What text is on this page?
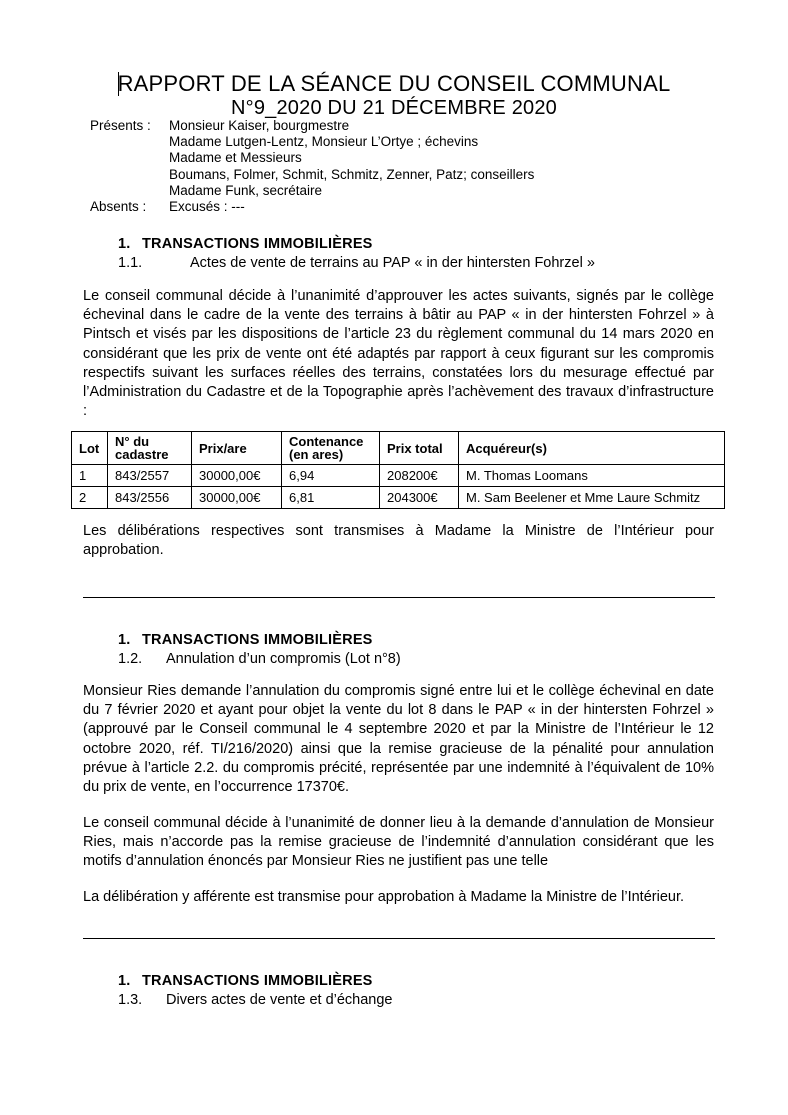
RAPPORT DE LA SÉANCE DU CONSEIL COMMUNAL
N°9_2020 DU 21 DÉCEMBRE 2020
Présents :	Monsieur Kaiser, bourgmestre
Madame Lutgen-Lentz, Monsieur L’Ortye ; échevins
Madame et Messieurs
Boumans, Folmer, Schmit, Schmitz, Zenner, Patz; conseillers
Madame Funk, secrétaire
Absents :	Excusés : ---
1. TRANSACTIONS IMMOBILIÈRES
1.1.	Actes de vente de terrains au PAP « in der hintersten Fohrzel »
Le conseil communal décide à l’unanimité d’approuver les actes suivants, signés par le collège échevinal dans le cadre de la vente des terrains à bâtir au PAP « in der hintersten Fohrzel » à Pintsch et visés par les dispositions de l’article 23 du règlement communal du 14 mars 2020 en considérant que les prix de vente ont été adaptés par rapport à ceux figurant sur les compromis respectifs suivant les surfaces réelles des terrains, constatées lors du mesurage effectué par l’Administration du Cadastre et de la Topographie après l’achèvement des travaux d’infrastructure :
Lot	N° du cadastre	Prix/are	Contenance (en ares)	Prix total	Acquéreur(s)
1	843/2557	30000,00€	6,94	208200€	M. Thomas Loomans
2	843/2556	30000,00€	6,81	204300€	M. Sam Beelener et Mme Laure Schmitz
Les délibérations respectives sont transmises à Madame la Ministre de l’Intérieur pour approbation.
1. TRANSACTIONS IMMOBILIÈRES
1.2. Annulation d’un compromis (Lot n°8)
Monsieur Ries demande l’annulation du compromis signé entre lui et le collège échevinal en date du 7 février 2020 et ayant pour objet la vente du lot 8 dans le PAP « in der hintersten Fohrzel » (approuvé par le Conseil communal le 4 septembre 2020 et par la Ministre de l’Intérieur le 12 octobre 2020, réf. TI/216/2020) ainsi que la remise gracieuse de la pénalité pour annulation prévue à l’article 2.2. du compromis précité, représentée par une indemnité à l’équivalent de 10% du prix de vente, en l’occurrence 17370€.
Le conseil communal décide à l’unanimité de donner lieu à la demande d’annulation de Monsieur Ries, mais n’accorde pas la remise gracieuse de l’indemnité d’annulation considérant que les motifs d’annulation énoncés par Monsieur Ries ne justifient pas une telle
La délibération y afférente est transmise pour approbation à Madame la Ministre de l’Intérieur.
1. TRANSACTIONS IMMOBILIÈRES
1.3. Divers actes de vente et d’échange
